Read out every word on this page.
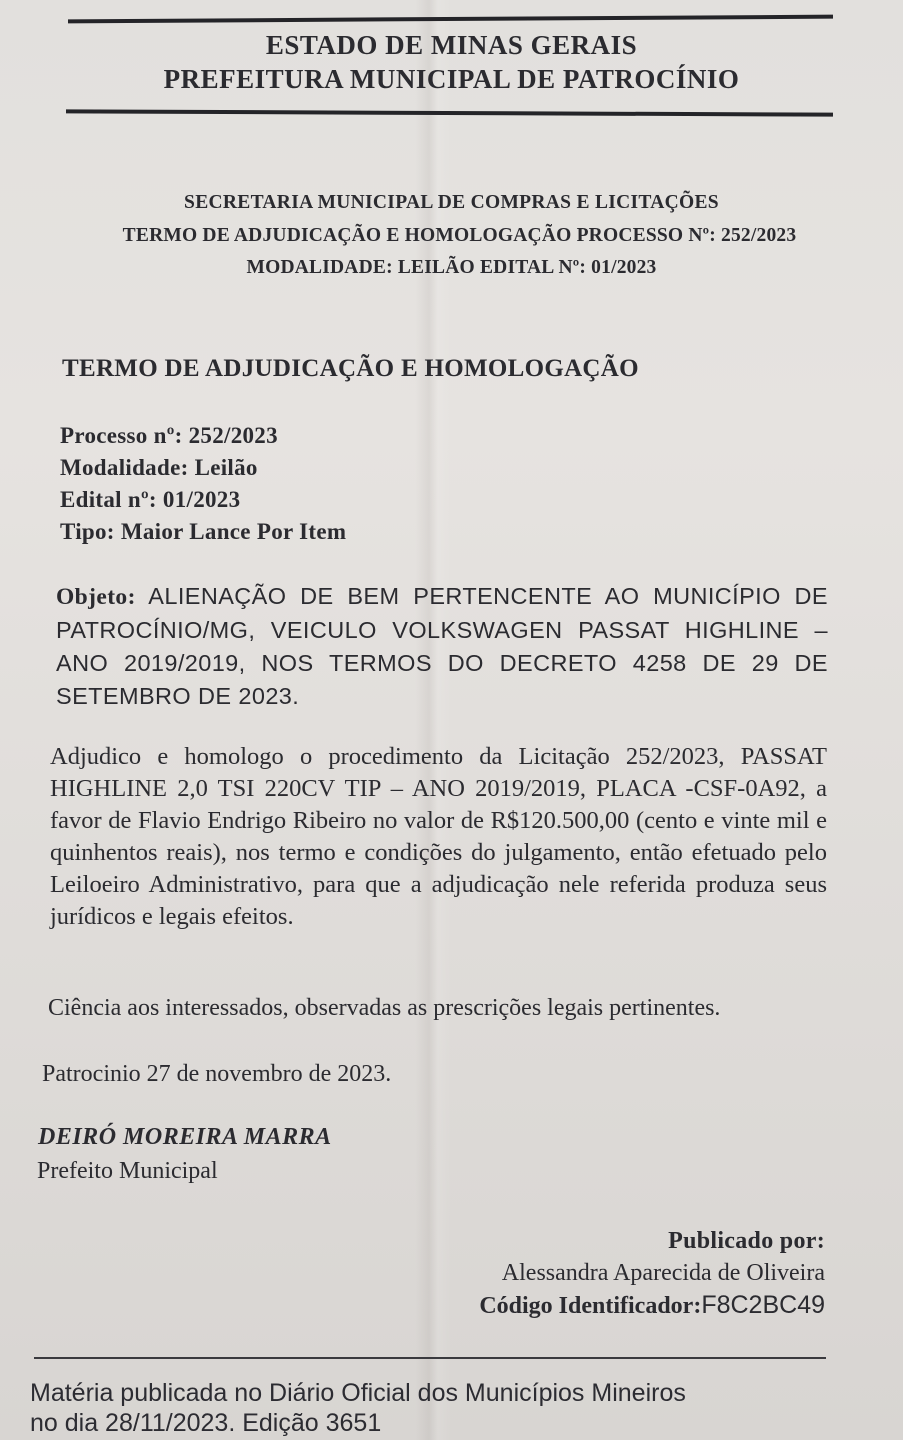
ESTADO DE MINAS GERAIS
PREFEITURA MUNICIPAL DE PATROCÍNIO
SECRETARIA MUNICIPAL DE COMPRAS E LICITAÇÕES
TERMO DE ADJUDICAÇÃO E HOMOLOGAÇÃO PROCESSO Nº: 252/2023
MODALIDADE: LEILÃO EDITAL Nº: 01/2023
TERMO DE ADJUDICAÇÃO E HOMOLOGAÇÃO
Processo nº: 252/2023
Modalidade: Leilão
Edital nº: 01/2023
Tipo: Maior Lance Por Item
Objeto: ALIENAÇÃO DE BEM PERTENCENTE AO MUNICÍPIO DE PATROCÍNIO/MG, VEICULO VOLKSWAGEN PASSAT HIGHLINE – ANO 2019/2019, NOS TERMOS DO DECRETO 4258 DE 29 DE SETEMBRO DE 2023.
Adjudico e homologo o procedimento da Licitação 252/2023, PASSAT HIGHLINE 2,0 TSI 220CV TIP – ANO 2019/2019, PLACA -CSF-0A92, a favor de Flavio Endrigo Ribeiro no valor de R$120.500,00 (cento e vinte mil e quinhentos reais), nos termo e condições do julgamento, então efetuado pelo Leiloeiro Administrativo, para que a adjudicação nele referida produza seus jurídicos e legais efeitos.
Ciência aos interessados, observadas as prescrições legais pertinentes.
Patrocinio 27 de novembro de 2023.
DEIRÓ MOREIRA MARRA
Prefeito Municipal
Publicado por:
Alessandra Aparecida de Oliveira
Código Identificador:F8C2BC49
Matéria publicada no Diário Oficial dos Municípios Mineiros
no dia 28/11/2023. Edição 3651
